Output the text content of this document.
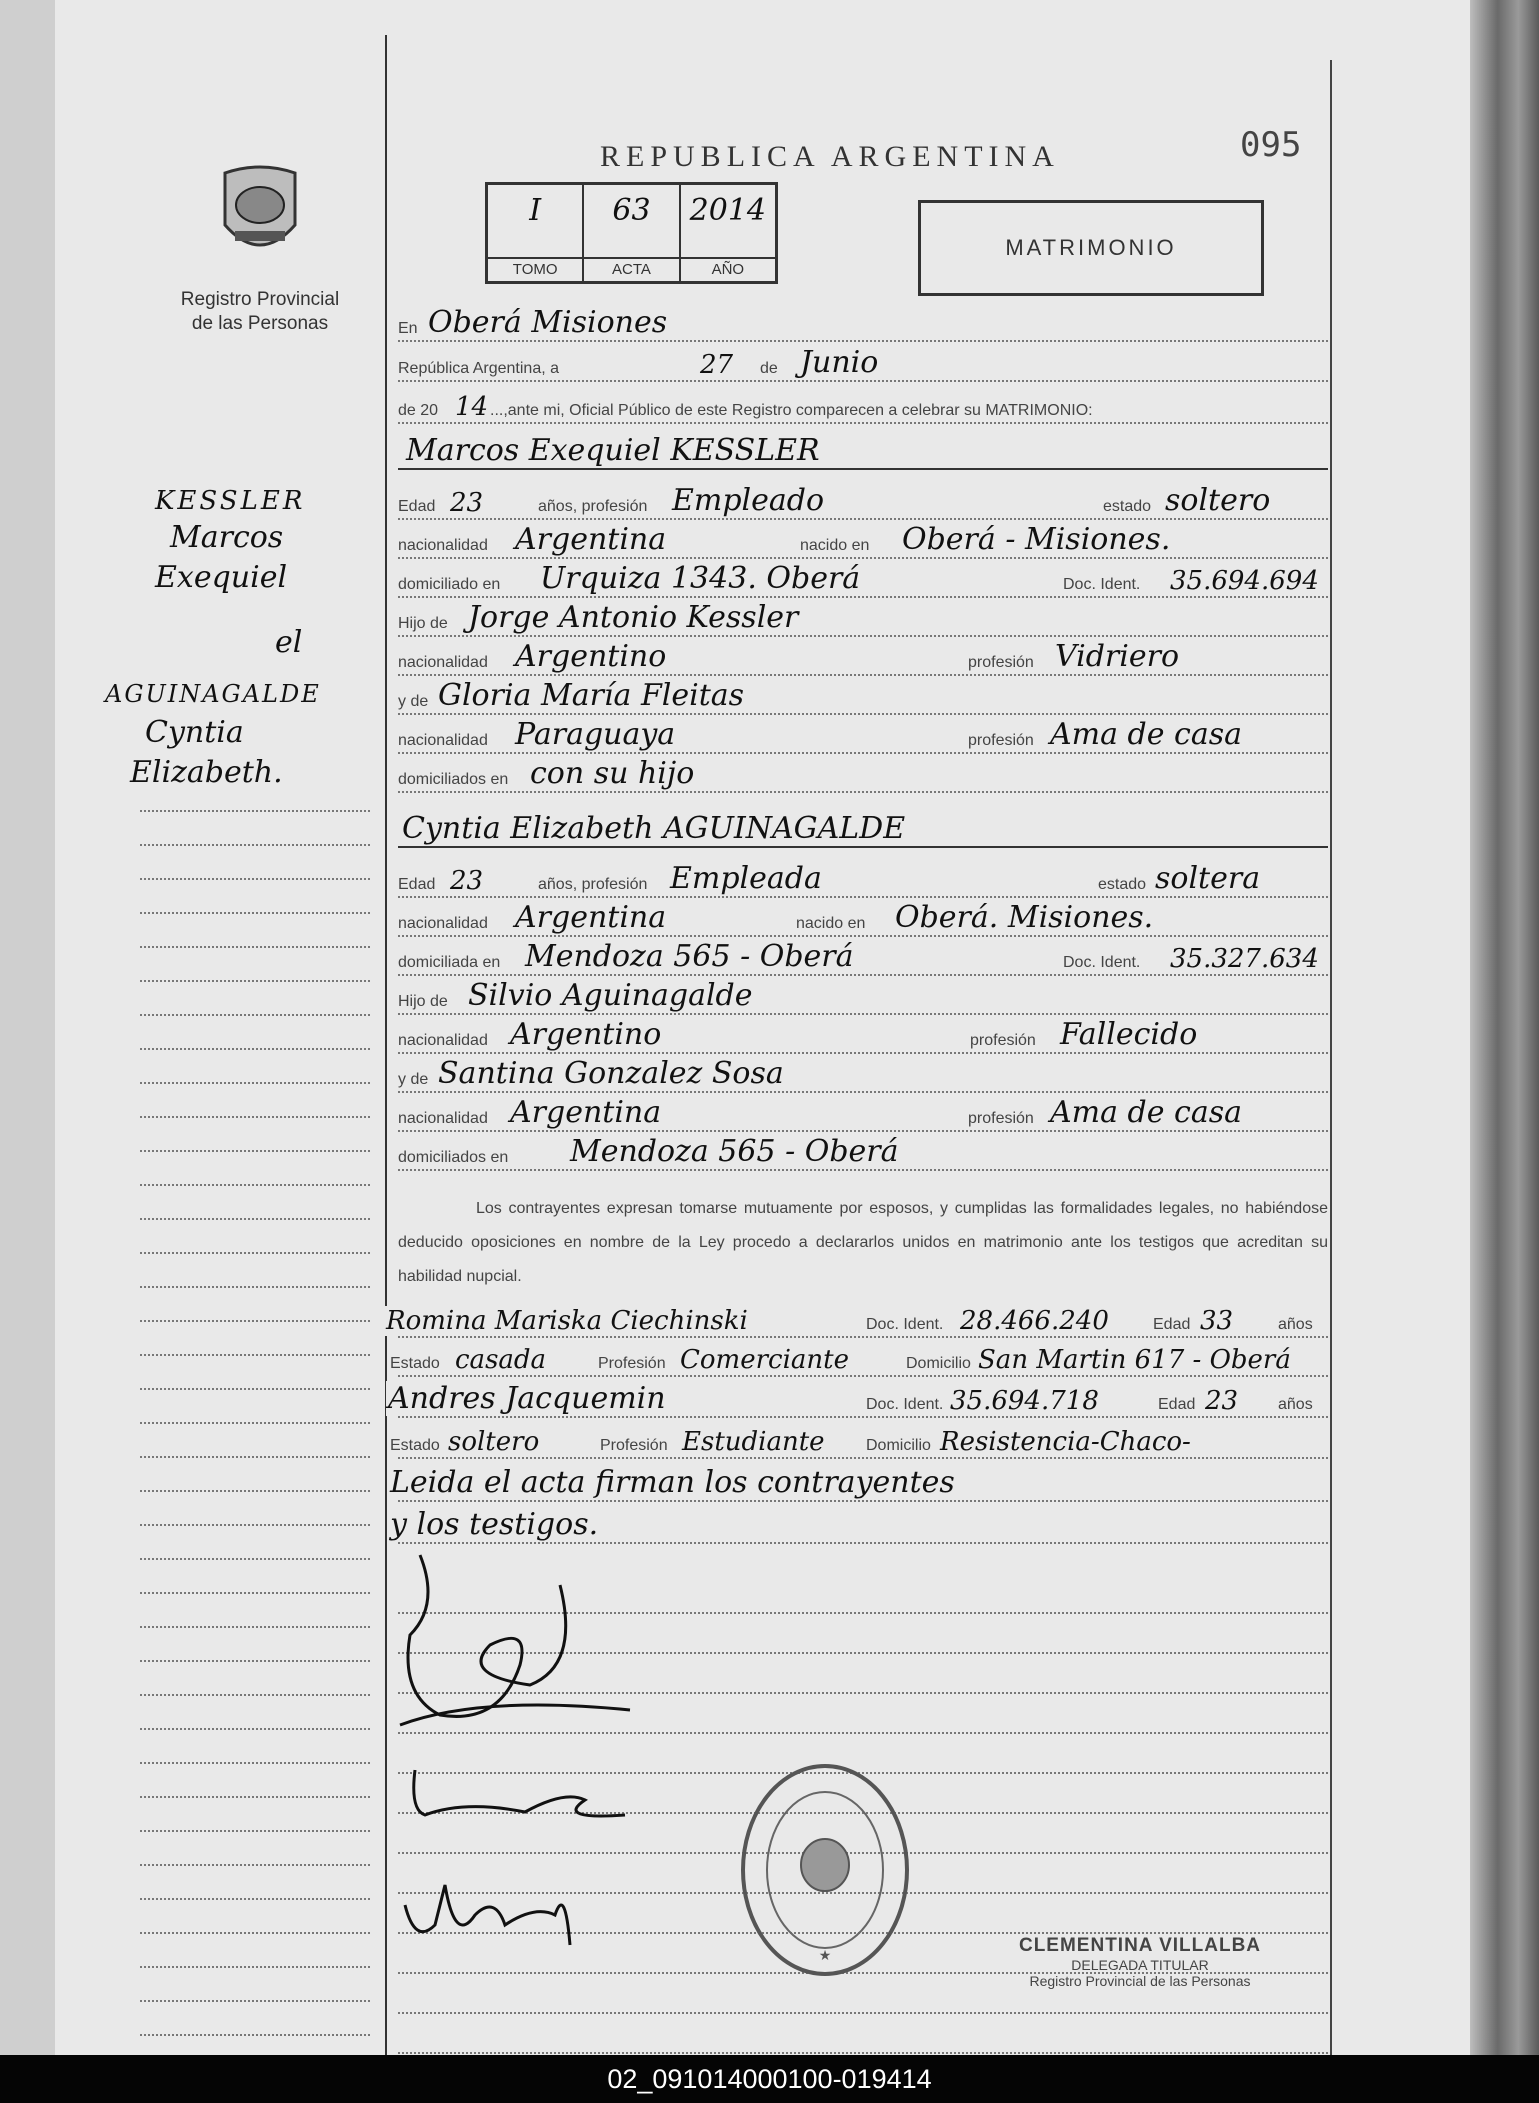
Registro Provincial
de las Personas
REPUBLICA ARGENTINA	095
I
TOMO
63
ACTA
2014
AÑO
MATRIMONIO
KESSLER
Marcos
Exequiel
el
AGUINAGALDE
Cyntia
Elizabeth.
En Oberá Misiones
República Argentina, a	27 de Junio
de 20 14 ...,ante mi, Oficial Público de este Registro comparecen a celebrar su MATRIMONIO:
Marcos Exequiel KESSLER
Edad 23	años, profesión Empleado	estado soltero
nacionalidad Argentina	nacido en Oberá - Misiones.
domiciliado en Urquiza 1343. Oberá	Doc. Ident. 35.694.694
Hijo de Jorge Antonio Kessler
nacionalidad Argentino	profesión Vidriero
y de Gloria María Fleitas
nacionalidad Paraguaya	profesión Ama de casa
domiciliados en con su hijo
Cyntia Elizabeth AGUINAGALDE
Edad 23	años, profesión Empleada	estado soltera
nacionalidad Argentina	nacido en Oberá. Misiones.
domiciliada en Mendoza 565 - Oberá	Doc. Ident. 35.327.634
Hijo de Silvio Aguinagalde
nacionalidad Argentino	profesión Fallecido
y de Santina Gonzalez Sosa
nacionalidad Argentina	profesión Ama de casa
domiciliados en Mendoza 565 - Oberá
Los contrayentes expresan tomarse mutuamente por esposos, y cumplidas las formalidades legales, no habiéndose deducido oposiciones en nombre de la Ley procedo a declararlos unidos en matrimonio ante los testigos que acreditan su habilidad nupcial.
Romina Mariska Ciechinski	Doc. Ident. 28.466.240	Edad 33	años
Estado casada	Profesión Comerciante	Domicilio San Martin 617 - Oberá
Andres Jacquemin	Doc. Ident. 35.694.718	Edad 23 años
Estado soltero	Profesión Estudiante	Domicilio Resistencia-Chaco-
Leida el acta firman los contrayentes
y los testigos.
★	CLEMENTINA VILLALBA
DELEGADA TITULAR
Registro Provincial de las Personas
02_091014000100-019414
